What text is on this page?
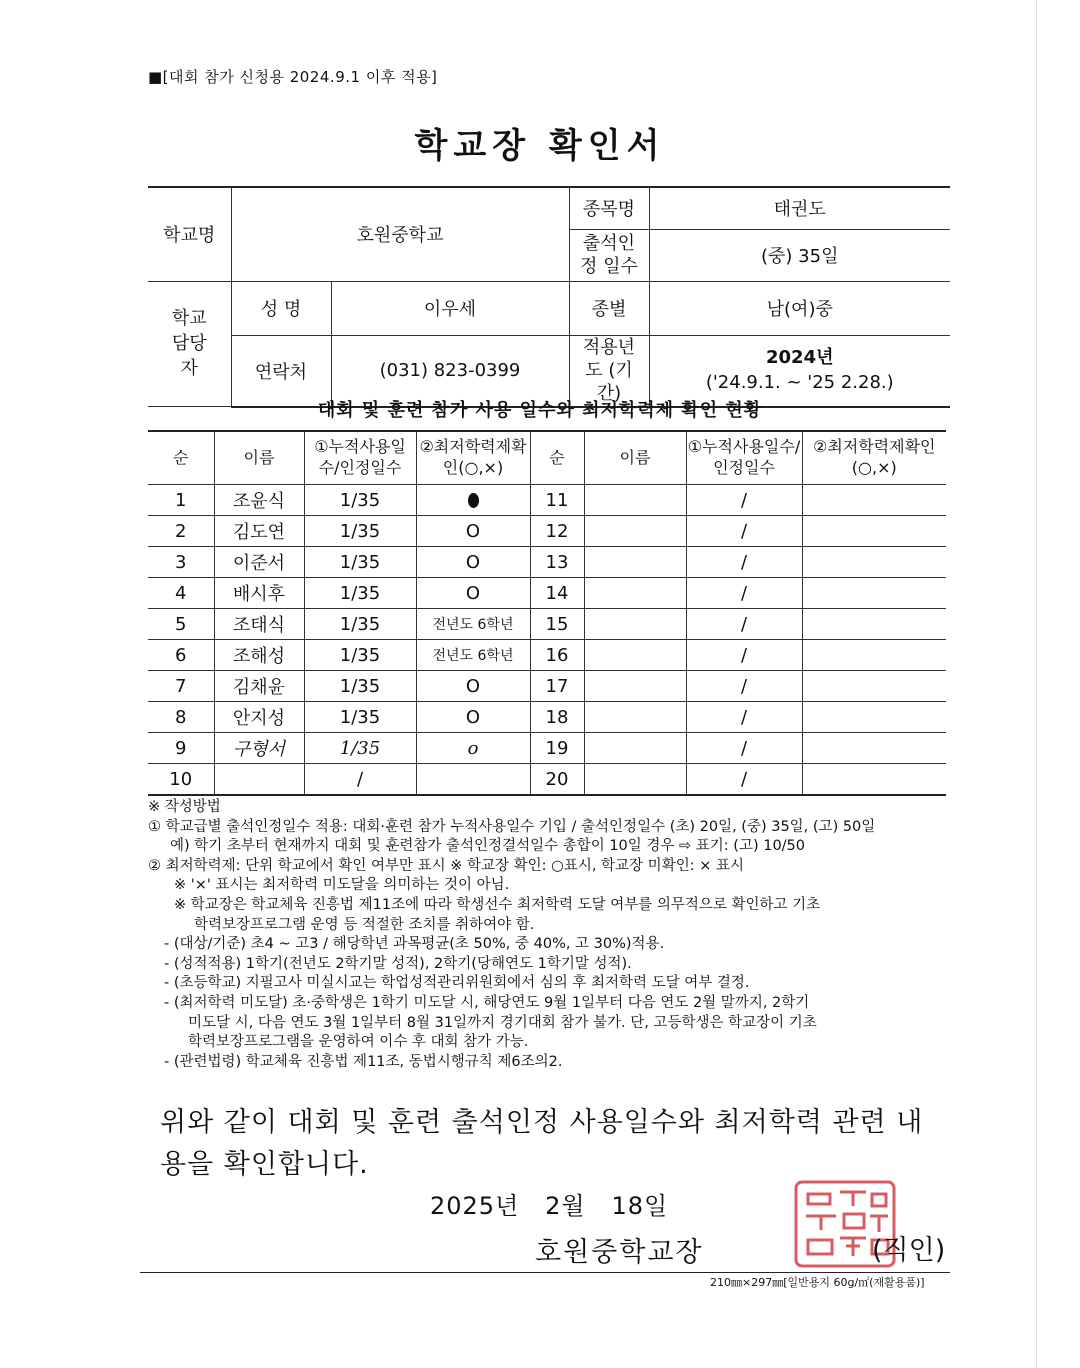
■[대회 참가 신청용 2024.9.1 이후 적용]
학교장 확인서
학교명	호원중학교		종목명	태권도
			출석인정 일수	(중) 35일
학교 담당자	성 명	이우세	종별	남(여)중
	연락처	(031) 823-0399	적용년도 (기간)	2024년
('24.9.1. ~ '25 2.28.)
대회 및 훈련 참가 사용 일수와 최저학력제 확인 현황
순	이름	①누적사용일수/인정일수	②최저학력제확인(○,×)	순	이름	①누적사용일수/인정일수	②최저학력제확인(○,×)
1	조윤식	1/35		11		/	
2	김도연	1/35	O	12		/	
3	이준서	1/35	O	13		/	
4	배시후	1/35	O	14		/	
5	조태식	1/35	전년도 6학년	15		/	
6	조해성	1/35	전년도 6학년	16		/	
7	김채윤	1/35	O	17		/	
8	안지성	1/35	O	18		/	
9	구형서	1/35	o	19		/	
10		/		20		/	
※ 작성방법
① 학교급별 출석인정일수 적용: 대회·훈련 참가 누적사용일수 기입 / 출석인정일수 (초) 20일, (중) 35일, (고) 50일
예) 학기 초부터 현재까지 대회 및 훈련참가 출석인정결석일수 총합이 10일 경우 ⇨ 표기: (고) 10/50
② 최저학력제: 단위 학교에서 확인 여부만 표시 ※ 학교장 확인: ○표시, 학교장 미확인: × 표시
※ '×' 표시는 최저학력 미도달을 의미하는 것이 아님.
※ 학교장은 학교체육 진흥법 제11조에 따라 학생선수 최저학력 도달 여부를 의무적으로 확인하고 기초
학력보장프로그램 운영 등 적절한 조치를 취하여야 함.
- (대상/기준) 초4 ~ 고3 / 해당학년 과목평균(초 50%, 중 40%, 고 30%)적용.
- (성적적용) 1학기(전년도 2학기말 성적), 2학기(당해연도 1학기말 성적).
- (초등학교) 지필고사 미실시교는 학업성적관리위원회에서 심의 후 최저학력 도달 여부 결정.
- (최저학력 미도달) 초·중학생은 1학기 미도달 시, 해당연도 9월 1일부터 다음 연도 2월 말까지, 2학기
미도달 시, 다음 연도 3월 1일부터 8월 31일까지 경기대회 참가 불가. 단, 고등학생은 학교장이 기초
학력보장프로그램을 운영하여 이수 후 대회 참가 가능.
- (관련법령) 학교체육 진흥법 제11조, 동법시행규칙 제6조의2.
위와 같이 대회 및 훈련 출석인정 사용일수와 최저학력 관련 내용을 확인합니다.
2025년   2월   18일
호원중학교장	(직인)
210㎜×297㎜[일반용지 60g/㎡(재활용품)]
